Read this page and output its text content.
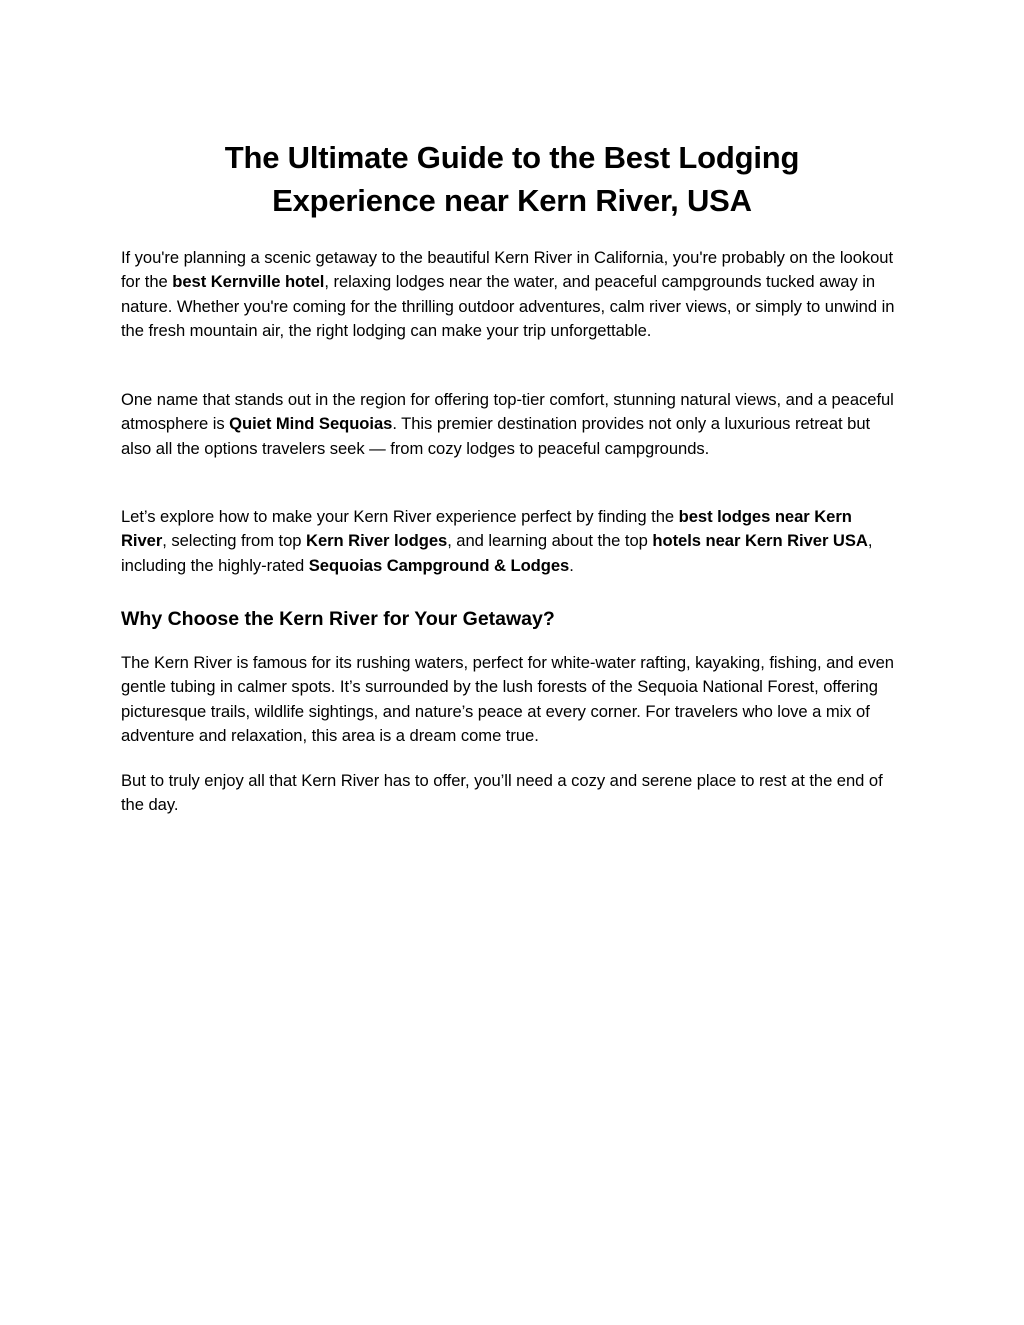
The Ultimate Guide to the Best Lodging
Experience near Kern River, USA

If you're planning a scenic getaway to the beautiful Kern River in California, you're probably on the lookout for the best Kernville hotel, relaxing lodges near the water, and peaceful campgrounds tucked away in nature. Whether you're coming for the thrilling outdoor adventures, calm river views, or simply to unwind in the fresh mountain air, the right lodging can make your trip unforgettable.

One name that stands out in the region for offering top-tier comfort, stunning natural views, and a peaceful atmosphere is Quiet Mind Sequoias. This premier destination provides not only a luxurious retreat but also all the options travelers seek — from cozy lodges to peaceful campgrounds.

Let’s explore how to make your Kern River experience perfect by finding the best lodges near Kern River, selecting from top Kern River lodges, and learning about the top hotels near Kern River USA, including the highly-rated Sequoias Campground & Lodges.

Why Choose the Kern River for Your Getaway?

The Kern River is famous for its rushing waters, perfect for white-water rafting, kayaking, fishing, and even gentle tubing in calmer spots. It’s surrounded by the lush forests of the Sequoia National Forest, offering picturesque trails, wildlife sightings, and nature’s peace at every corner. For travelers who love a mix of adventure and relaxation, this area is a dream come true.

But to truly enjoy all that Kern River has to offer, you’ll need a cozy and serene place to rest at the end of the day.
